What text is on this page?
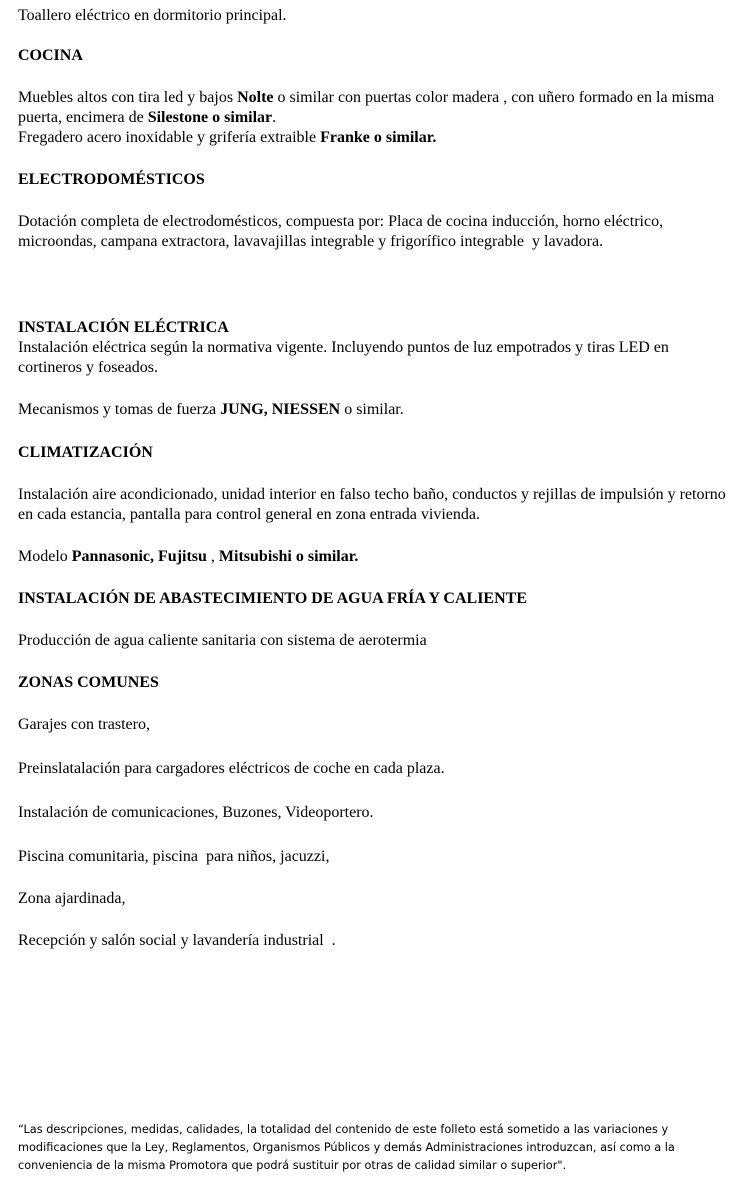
Toallero eléctrico en dormitorio principal.

COCINA

Muebles altos con tira led y bajos Nolte o similar con puertas color madera , con uñero formado en la misma puerta, encimera de Silestone o similar.

Fregadero acero inoxidable y grifería extraible Franke o similar.

ELECTRODOMÉSTICOS

Dotación completa de electrodomésticos, compuesta por: Placa de cocina inducción, horno eléctrico, microondas, campana extractora, lavavajillas integrable y frigorífico integrable  y lavadora.

INSTALACIÓN ELÉCTRICA

Instalación eléctrica según la normativa vigente. Incluyendo puntos de luz empotrados y tiras LED en cortineros y foseados.

Mecanismos y tomas de fuerza JUNG, NIESSEN o similar.

CLIMATIZACIÓN

Instalación aire acondicionado, unidad interior en falso techo baño, conductos y rejillas de impulsión y retorno en cada estancia, pantalla para control general en zona entrada vivienda.

Modelo Pannasonic, Fujitsu , Mitsubishi o similar.

INSTALACIÓN DE ABASTECIMIENTO DE AGUA FRÍA Y CALIENTE

Producción de agua caliente sanitaria con sistema de aerotermia

ZONAS COMUNES

Garajes con trastero,

Preinslatalación para cargadores eléctricos de coche en cada plaza.

Instalación de comunicaciones, Buzones, Videoportero.

Piscina comunitaria, piscina  para niños, jacuzzi,

Zona ajardinada,

Recepción y salón social y lavandería industrial  .

“Las descripciones, medidas, calidades, la totalidad del contenido de este folleto está sometido a las variaciones y modificaciones que la Ley, Reglamentos, Organismos Públicos y demás Administraciones introduzcan, así como a la conveniencia de la misma Promotora que podrá sustituir por otras de calidad similar o superior".
